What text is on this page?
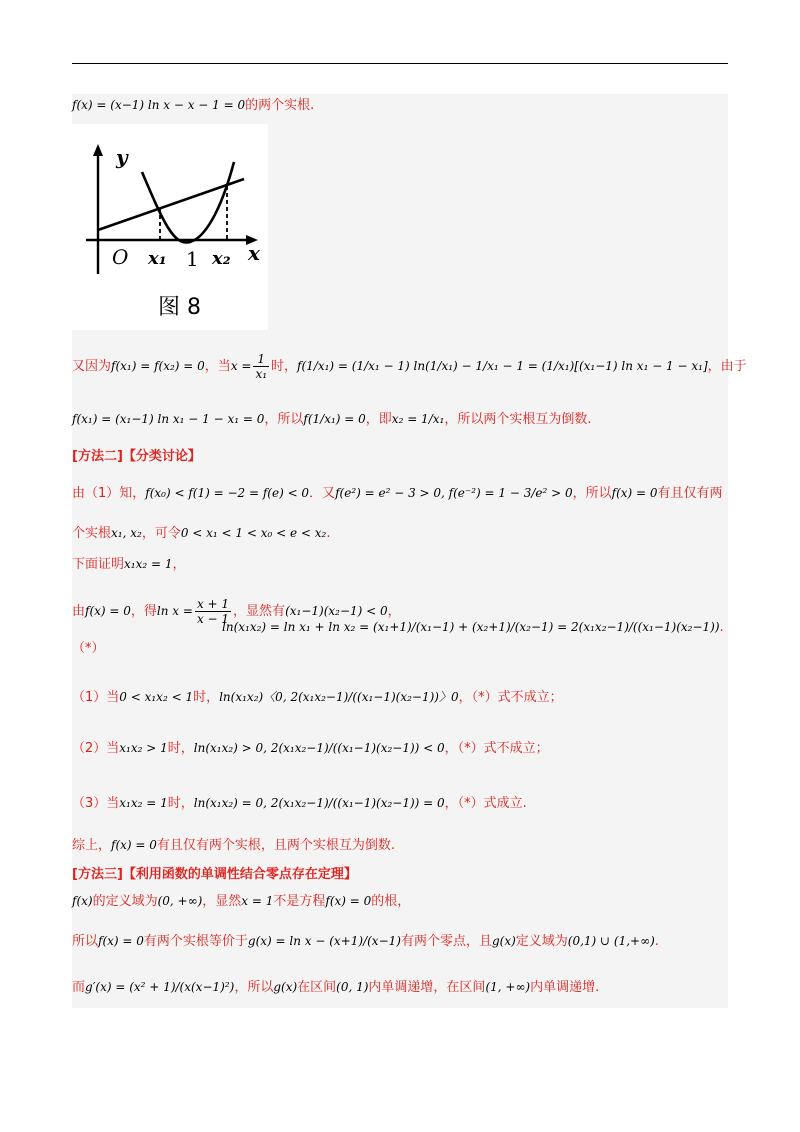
f(x) = (x−1) ln x − x − 1 = 0的两个实根.
y
x
O x₁ 1 x₂
图 8
又因为f(x₁) = f(x₂) = 0，当$x = \frac{1}{\text{x₁}}$ 时，f(1/x₁) = (1/x₁ − 1) ln(1/x₁) − 1/x₁ − 1 = (1/x₁)[(x₁−1) ln x₁ − 1 − x₁]，由于
f(x₁) = (x₁−1) ln x₁ − 1 − x₁ = 0，所以f(1/x₁) = 0，即x₂ = 1/x₁，所以两个实根互为倒数.
[方法二]【分类讨论】
由（1）知，f(x₀) < f(1) = −2 = f(e) < 0．又f(e²) = e² − 3 > 0, f(e⁻²) = 1 − 3/e² > 0，所以f(x) = 0有且仅有两
个实根x₁, x₂，可令0 < x₁ < 1 < x₀ < e < x₂.
下面证明x₁x₂ = 1，
由f(x) = 0，得$\ln x = \frac{x + 1}{x - 1}$ ，显然有(x₁−1)(x₂−1) < 0，
ln(x₁x₂) = ln x₁ + ln x₂ = (x₁+1)/(x₁−1) + (x₂+1)/(x₂−1) = 2(x₁x₂−1)/((x₁−1)(x₂−1)).
（*）
（1）当0 < x₁x₂ < 1时，ln(x₁x₂)〈0, 2(x₁x₂−1)/((x₁−1)(x₂−1))〉0，（*）式不成立；
（2）当x₁x₂ > 1时，ln(x₁x₂) > 0, 2(x₁x₂−1)/((x₁−1)(x₂−1)) < 0，（*）式不成立；
（3）当x₁x₂ = 1时，ln(x₁x₂) = 0, 2(x₁x₂−1)/((x₁−1)(x₂−1)) = 0，（*）式成立.
综上，f(x) = 0有且仅有两个实根，且两个实根互为倒数.
[方法三]【利用函数的单调性结合零点存在定理】
f(x)的定义域为(0, +∞)，显然x = 1不是方程f(x) = 0的根，
所以f(x) = 0有两个实根等价于g(x) = ln x − (x+1)/(x−1)有两个零点，且g(x)定义域为(0,1) ∪ (1,+∞).
而g′(x) = (x² + 1)/(x(x−1)²)，所以g(x)在区间(0, 1)内单调递增，在区间(1, +∞)内单调递增.
